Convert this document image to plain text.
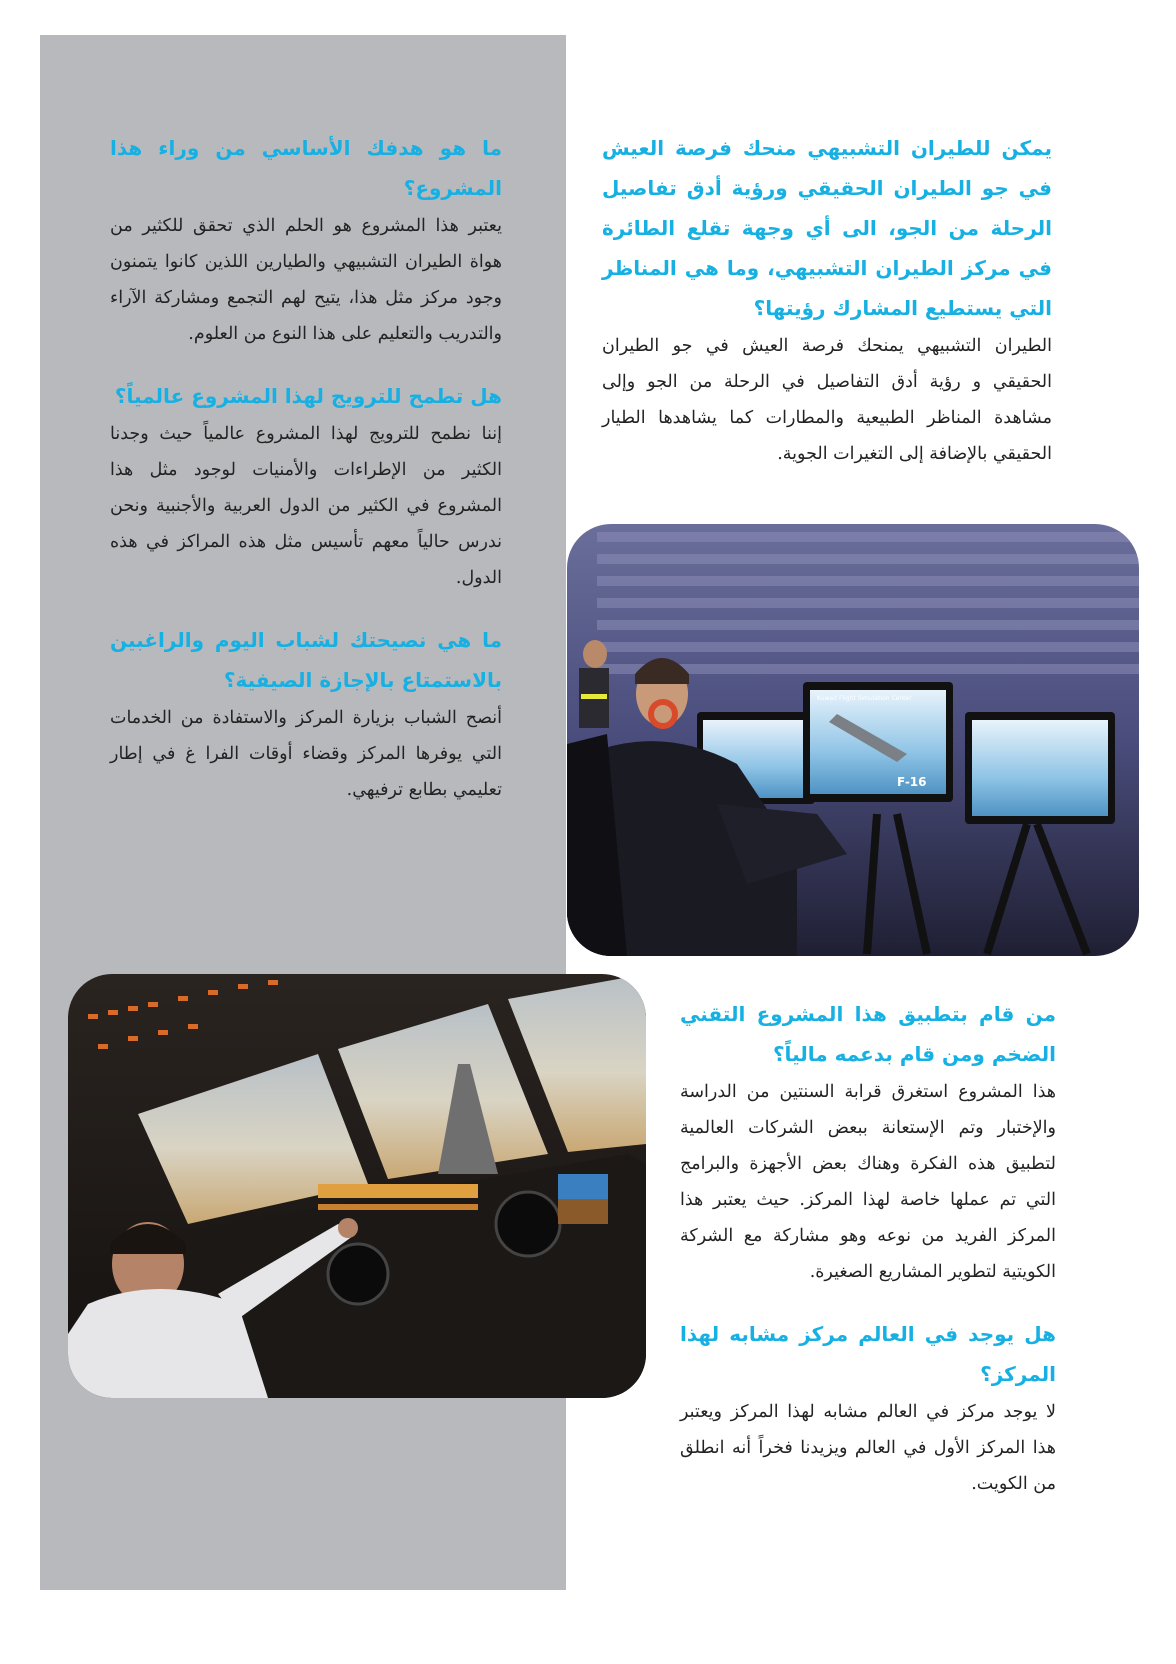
ما هو هدفك الأساسي من وراء هذا المشروع؟

يعتبر هذا المشروع هو الحلم الذي تحقق للكثير من هواة الطيران التشبيهي والطيارين اللذين كانوا يتمنون وجود مركز مثل هذا، يتيح لهم التجمع ومشاركة الآراء والتدريب والتعليم على هذا النوع من العلوم.

هل تطمح للترويج لهذا المشروع عالمياً؟

إننا نطمح للترويج لهذا المشروع عالمياً حيث وجدنا الكثير من الإطراءات والأمنيات لوجود مثل هذا المشروع في الكثير من الدول العربية والأجنبية ونحن ندرس حالياً معهم تأسيس مثل هذه المراكز في هذه الدول.

ما هي نصيحتك لشباب اليوم والراغبين بالاستمتاع بالإجازة الصيفية؟

أنصح الشباب بزيارة المركز والاستفادة من الخدمات التي يوفرها المركز وقضاء أوقات الفرا غ في إطار تعليمي بطابع ترفيهي.

يمكن للطيران التشبيهي منحك فرصة العيش في جو الطيران الحقيقي ورؤية أدق تفاصيل الرحلة من الجو، الى أي وجهة تقلع الطائرة في مركز الطيران التشبيهي، وما هي المناظر التي يستطيع المشارك رؤيتها؟

الطيران التشبيهي يمنحك فرصة العيش في جو الطيران الحقيقي و رؤية أدق التفاصيل في الرحلة من الجو وإلى مشاهدة المناظر الطبيعية والمطارات كما يشاهدها الطيار الحقيقي بالإضافة إلى التغيرات الجوية.

من قام بتطبيق هذا المشروع التقني الضخم ومن قام بدعمه مالياً؟

هذا المشروع استغرق قرابة السنتين من الدراسة والإختبار وتم الإستعانة ببعض الشركات العالمية لتطبيق هذه الفكرة وهناك بعض الأجهزة والبرامج التي تم عملها خاصة لهذا المركز. حيث يعتبر هذا المركز الفريد من نوعه وهو مشاركة مع الشركة الكويتية لتطوير المشاريع الصغيرة.

هل يوجد في العالم مركز مشابه لهذا المركز؟

لا يوجد مركز في العالم مشابه لهذا المركز ويعتبر هذا المركز الأول في العالم ويزيدنا فخراً أنه انطلق من الكويت.

F-16
Kuwait Flight Simulation Center
